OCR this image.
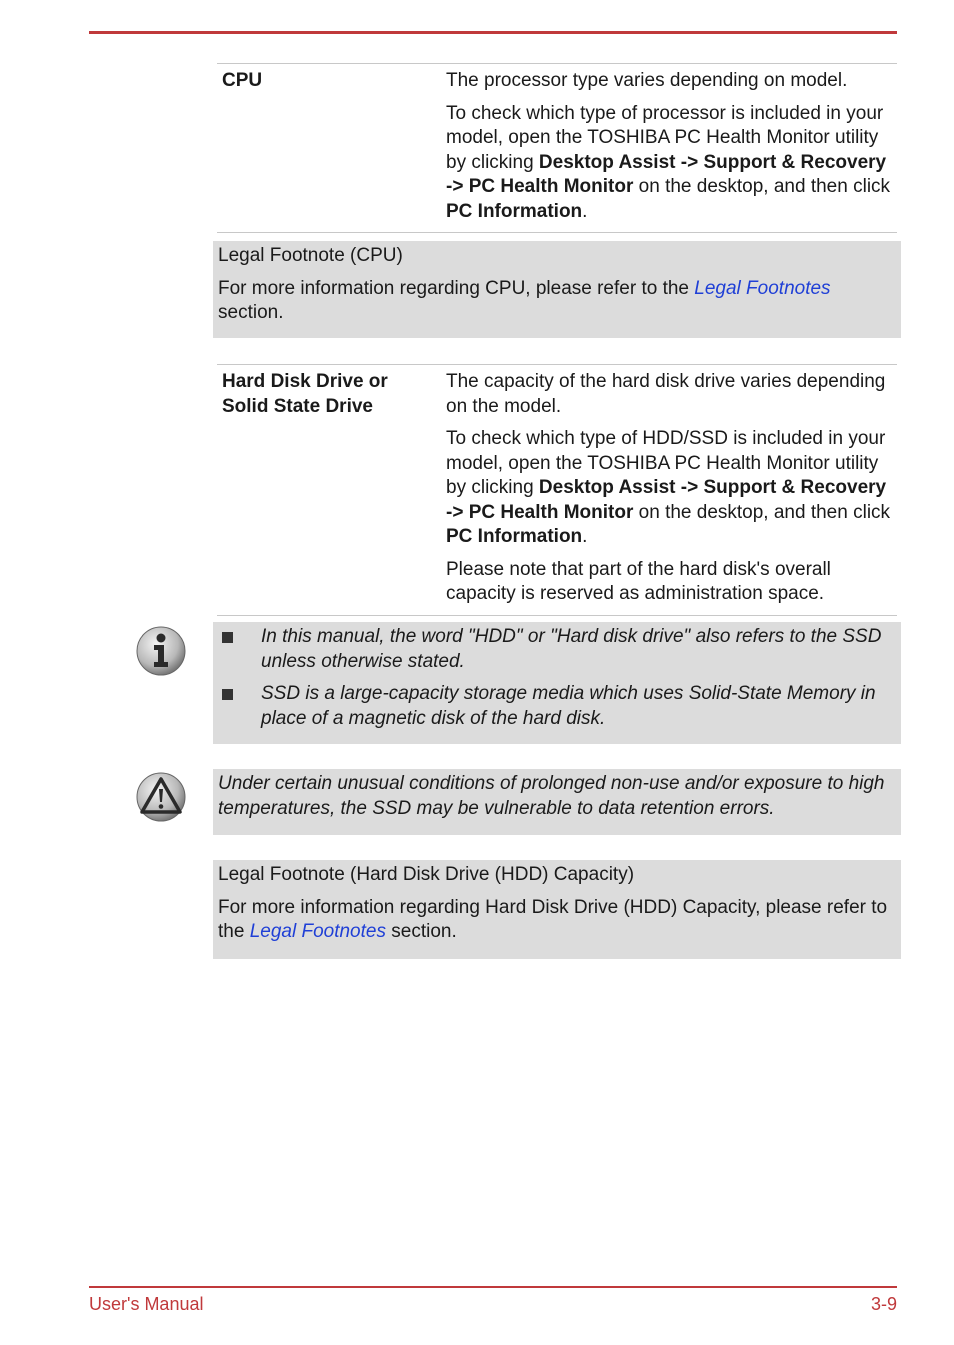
CPU	The processor type varies depending on model.

To check which type of processor is included in your model, open the TOSHIBA PC Health Monitor utility by clicking Desktop Assist -> Support & Recovery -> PC Health Monitor on the desktop, and then click PC Information.

Legal Footnote (CPU)

For more information regarding CPU, please refer to the Legal Footnotes section.

Hard Disk Drive or Solid State Drive

The capacity of the hard disk drive varies depending on the model.

To check which type of HDD/SSD is included in your model, open the TOSHIBA PC Health Monitor utility by clicking Desktop Assist -> Support & Recovery -> PC Health Monitor on the desktop, and then click PC Information.

Please note that part of the hard disk's overall capacity is reserved as administration space.

In this manual, the word "HDD" or "Hard disk drive" also refers to the SSD unless otherwise stated.
SSD is a large-capacity storage media which uses Solid-State Memory in place of a magnetic disk of the hard disk.

Under certain unusual conditions of prolonged non-use and/or exposure to high temperatures, the SSD may be vulnerable to data retention errors.

Legal Footnote (Hard Disk Drive (HDD) Capacity)

For more information regarding Hard Disk Drive (HDD) Capacity, please refer to the Legal Footnotes section.

User's Manual	3-9
